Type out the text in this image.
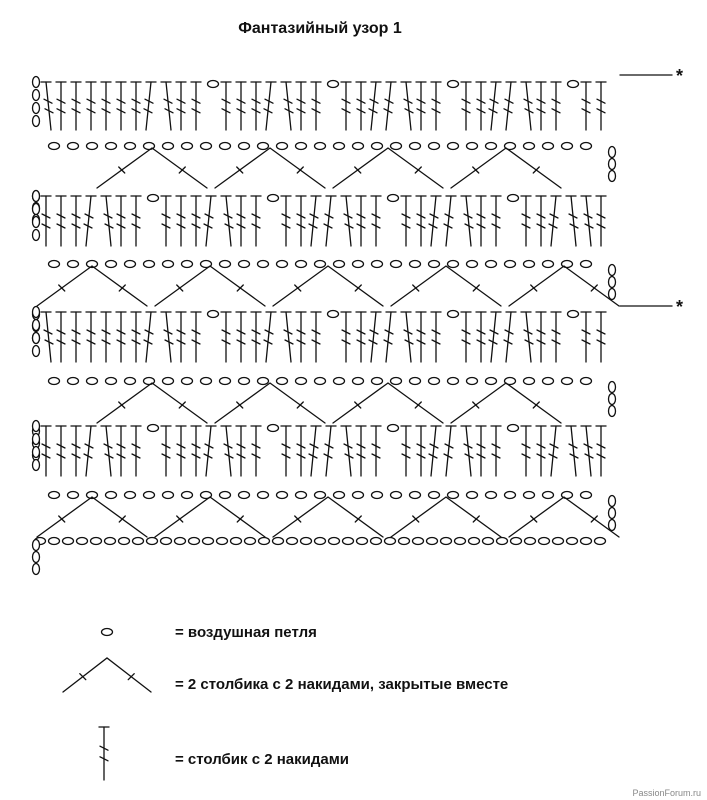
Фантазийный узор 1
*
*
= воздушная петля
= 2 столбика с 2 накидами, закрытые вместе
= столбик с 2 накидами
PassionForum.ru
